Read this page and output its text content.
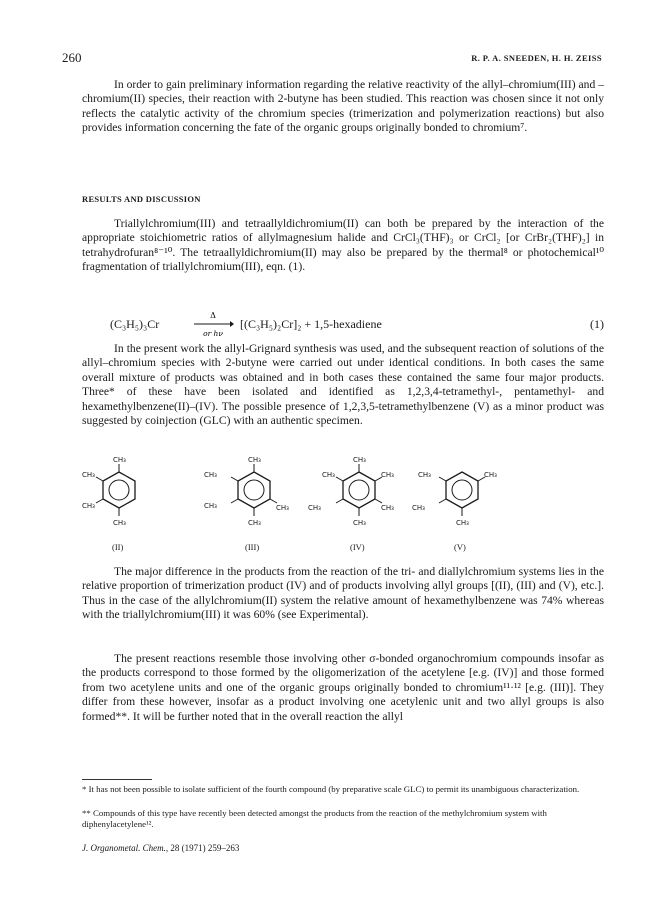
260	R. P. A. SNEEDEN, H. H. ZEISS

In order to gain preliminary information regarding the relative reactivity of the allyl–chromium(III) and –chromium(II) species, their reaction with 2-butyne has been studied. This reaction was chosen since it not only reflects the catalytic activity of the chromium species (trimerization and polymerization reactions) but also provides information concerning the fate of the organic groups originally bonded to chromium⁷.

RESULTS AND DISCUSSION

Triallylchromium(III) and tetraallyldichromium(II) can both be prepared by the interaction of the appropriate stoichiometric ratios of allylmagnesium halide and CrCl₃(THF)₃ or CrCl₂ [or CrBr₂(THF)₂] in tetrahydrofuran⁸⁻¹⁰. The tetraallyldichromium(II) may also be prepared by the thermal⁸ or photochemical¹⁰ fragmentation of triallylchromium(III), eqn. (1).

(C₃H₅)₃Cr
Δ
or hν
[(C₃H₅)₂Cr]₂ + 1,5-hexadiene	(1)

In the present work the allyl-Grignard synthesis was used, and the subsequent reaction of solutions of the allyl–chromium species with 2-butyne were carried out under identical conditions. In both cases the same overall mixture of products was obtained and in both cases these contained the same four major products. Three* of these have been isolated and identified as 1,2,3,4-tetramethyl-, pentamethyl- and hexamethylbenzene(II)–(IV). The possible presence of 1,2,3,5-tetramethylbenzene (V) as a minor product was suggested by coinjection (GLC) with an authentic specimen.

CH₃
CH₃
CH₃
CH₃
CH₃
CH₃
CH₃	CH₃
CH₃
CH₃
CH₃	CH₃
CH₃	CH₃
CH₃
CH₃	CH₃
CH₃
CH₃
(II)	(III)	(IV)	(V)

The major difference in the products from the reaction of the tri- and diallylchromium systems lies in the relative proportion of trimerization product (IV) and of products involving allyl groups [(II), (III) and (V), etc.]. Thus in the case of the allylchromium(II) system the relative amount of hexamethylbenzene was 74% whereas with the triallylchromium(III) it was 60% (see Experimental).

The present reactions resemble those involving other σ-bonded organochromium compounds insofar as the products correspond to those formed by the oligomerization of the acetylene [e.g. (IV)] and those formed from two acetylene units and one of the organic groups originally bonded to chromium¹¹·¹² [e.g. (III)]. They differ from these however, insofar as a product involving one acetylenic unit and two allyl groups is also formed**. It will be further noted that in the overall reaction the allyl

* It has not been possible to isolate sufficient of the fourth compound (by preparative scale GLC) to permit its unambiguous characterization.
** Compounds of this type have recently been detected amongst the products from the reaction of the methylchromium system with diphenylacetylene¹².
J. Organometal. Chem., 28 (1971) 259–263
